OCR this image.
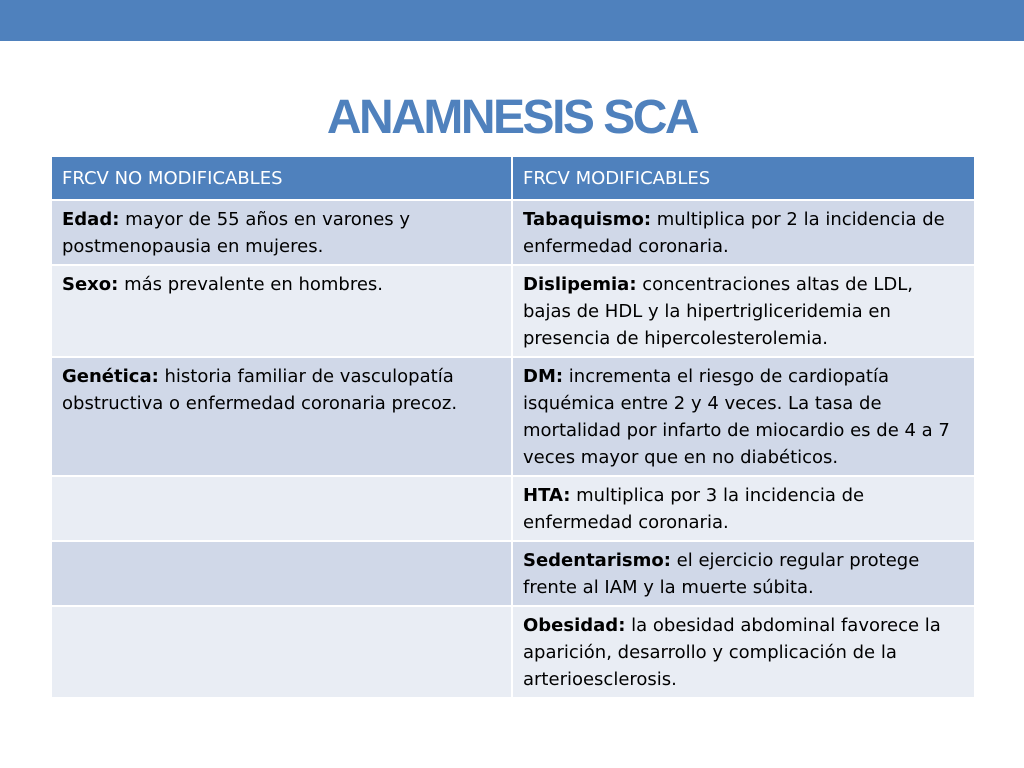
ANAMNESIS SCA
FRCV NO MODIFICABLES	FRCV MODIFICABLES
Edad: mayor de 55 años en varones y postmenopausia en mujeres.	Tabaquismo: multiplica por 2 la incidencia de enfermedad coronaria.
Sexo: más prevalente en hombres.	Dislipemia: concentraciones altas de LDL, bajas de HDL y la hipertrigliceridemia en presencia de hipercolesterolemia.
Genética: historia familiar de vasculopatía obstructiva o enfermedad coronaria precoz.	DM: incrementa el riesgo de cardiopatía isquémica entre 2 y 4 veces. La tasa de mortalidad por infarto de miocardio es de 4 a 7 veces mayor que en no diabéticos.
	HTA: multiplica por 3 la incidencia de enfermedad coronaria.
	Sedentarismo: el ejercicio regular protege frente al IAM y la muerte súbita.
	Obesidad: la obesidad abdominal favorece la aparición, desarrollo y complicación de la arterioesclerosis.
